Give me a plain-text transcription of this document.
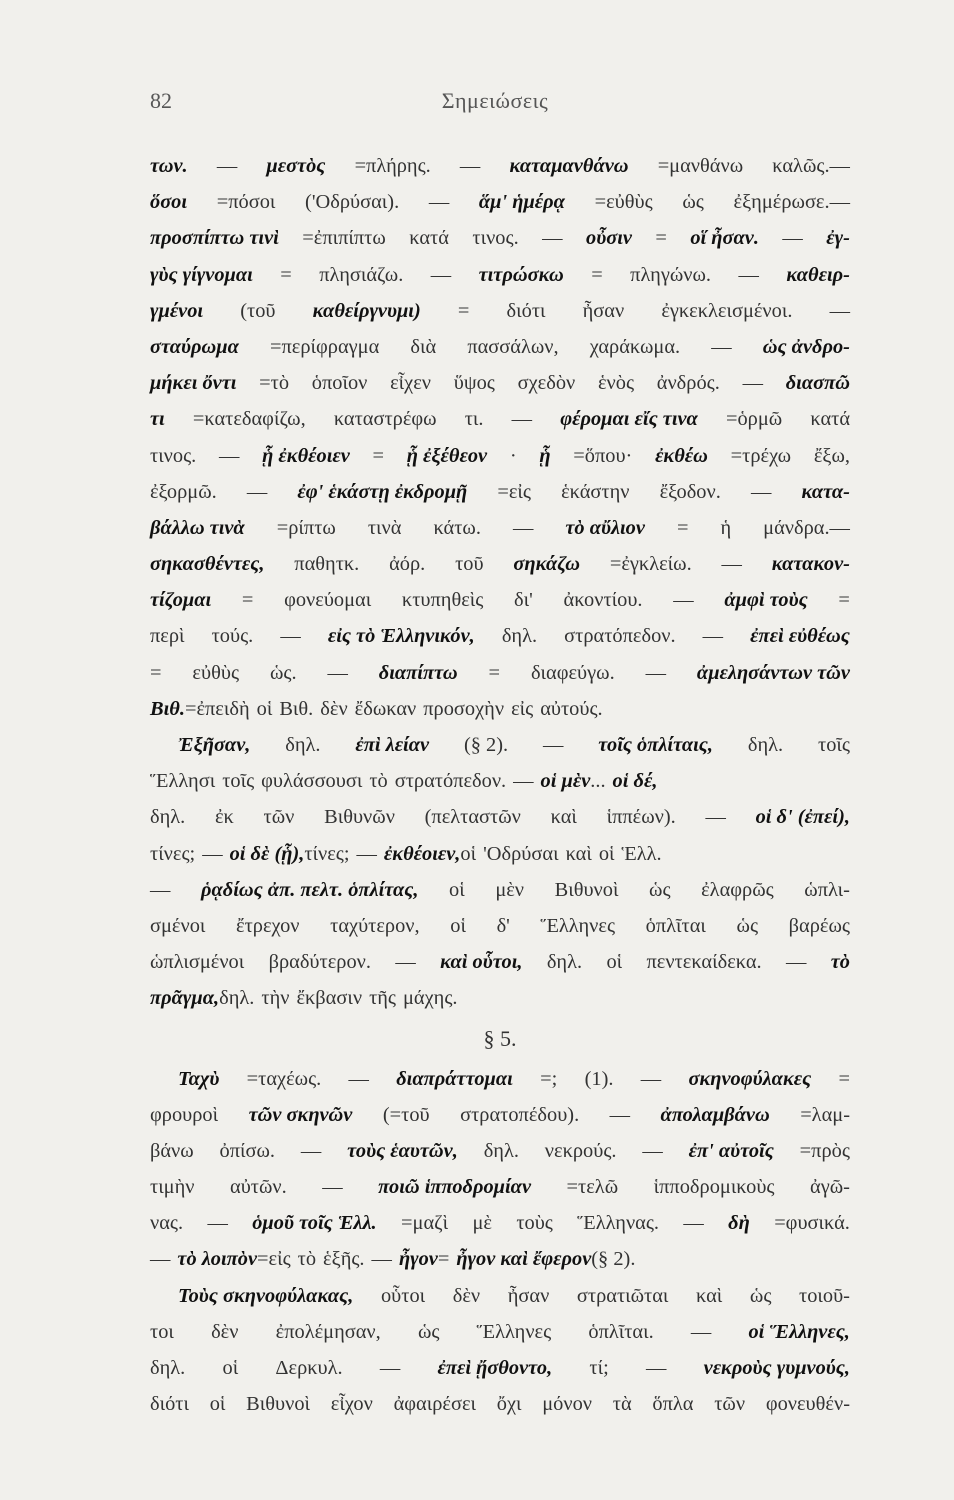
82	Σημειώσεις
των. — μεστὸς =πλήρης. — καταμανθάνω =μανθάνω καλῶς.—
ὅσοι =πόσοι ('Οδρύσαι). — ἅμ' ἡμέρᾳ =εὐθὺς ὡς ἐξημέρωσε.—
προσπίπτω τινὶ =ἐπιπίπτω κατά τινος. — οὖσιν = οἵ ἦσαν. — ἐγ-
γὺς γίγνομαι = πλησιάζω. — τιτρώσκω = πληγώνω. — καθειρ-
γμένοι (τοῦ καθείργνυμι) = διότι ἦσαν ἐγκεκλεισμένοι. —
σταύρωμα =περίφραγμα διὰ πασσάλων, χαράκωμα. — ὡς ἀνδρο-
μήκει ὄντι =τὸ ὁποῖον εἶχεν ὕψος σχεδὸν ἑνὸς ἀνδρός. — διασπῶ
τι =κατεδαφίζω, καταστρέφω τι. — φέρομαι εἴς τινα =ὁρμῶ κατά
τινος. — ᾗ ἐκθέοιεν = ᾗ ἐξέθεον · ᾗ =ὅπου· ἐκθέω =τρέχω ἔξω,
ἐξορμῶ. — ἐφ' ἑκάστῃ ἐκδρομῇ =εἰς ἑκάστην ἔξοδον. — κατα-
βάλλω τινὰ =ρίπτω τινὰ κάτω. — τὸ αὔλιον = ἡ μάνδρα.—
σηκασθέντες, παθητκ. ἀόρ. τοῦ σηκάζω =ἐγκλείω. — κατακον-
τίζομαι = φονεύομαι κτυπηθεὶς δι' ἀκοντίου. — ἀμφὶ τοὺς =
περὶ τούς. — εἰς τὸ Ἑλληνικόν, δηλ. στρατόπεδον. — ἐπεὶ εὐθέως
= εὐθὺς ὡς. — διαπίπτω = διαφεύγω. — ἀμελησάντων τῶν
Βιθ. =ἐπειδὴ οἱ Βιθ. δὲν ἔδωκαν προσοχὴν εἰς αὐτούς.
Ἐξῆσαν, δηλ. ἐπὶ λείαν (§ 2). — τοῖς ὁπλίταις, δηλ. τοῖς
Ἕλλησι τοῖς φυλάσσουσι τὸ στρατόπεδον. — οἱ μὲν ... οἱ δέ,
δηλ. ἐκ τῶν Βιθυνῶν (πελταστῶν καὶ ἱππέων). — οἱ δ' (ἐπεί),
τίνες; — οἱ δὲ (ᾗ), τίνες; — ἐκθέοιεν, οἱ 'Οδρύσαι καὶ οἱ Ἑλλ.
— ῥᾳδίως ἀπ. πελτ. ὁπλίτας, οἱ μὲν Βιθυνοὶ ὡς ἐλαφρῶς ὡπλι-
σμένοι ἔτρεχον ταχύτερον, οἱ δ' Ἕλληνες ὁπλῖται ὡς βαρέως
ὡπλισμένοι βραδύτερον. — καὶ οὗτοι, δηλ. οἱ πεντεκαίδεκα. — τὸ
πρᾶγμα, δηλ. τὴν ἔκβασιν τῆς μάχης.
§ 5.
Ταχὺ =ταχέως. — διαπράττομαι =; (1). — σκηνοφύλακες =
φρουροὶ τῶν σκηνῶν (=τοῦ στρατοπέδου). — ἀπολαμβάνω =λαμ-
βάνω ὀπίσω. — τοὺς ἑαυτῶν, δηλ. νεκρούς. — ἐπ' αὐτοῖς =πρὸς
τιμὴν αὐτῶν. — ποιῶ ἱπποδρομίαν =τελῶ ἱπποδρομικοὺς ἀγῶ-
νας. — ὁμοῦ τοῖς Ἑλλ. =μαζὶ μὲ τοὺς Ἕλληνας. — δὴ =φυσικά.
— τὸ λοιπὸν =εἰς τὸ ἑξῆς. — ἦγον = ἦγον καὶ ἔφερον (§ 2).
Τοὺς σκηνοφύλακας, οὗτοι δὲν ἦσαν στρατιῶται καὶ ὡς τοιοῦ-
τοι δὲν ἐπολέμησαν, ὡς Ἕλληνες ὁπλῖται. — οἱ Ἕλληνες,
δηλ. οἱ Δερκυλ. — ἐπεὶ ᾔσθοντο, τί; — νεκροὺς γυμνούς,
διότι οἱ Βιθυνοὶ εἶχον ἀφαιρέσει ὄχι μόνον τὰ ὅπλα τῶν φονευθέν-
